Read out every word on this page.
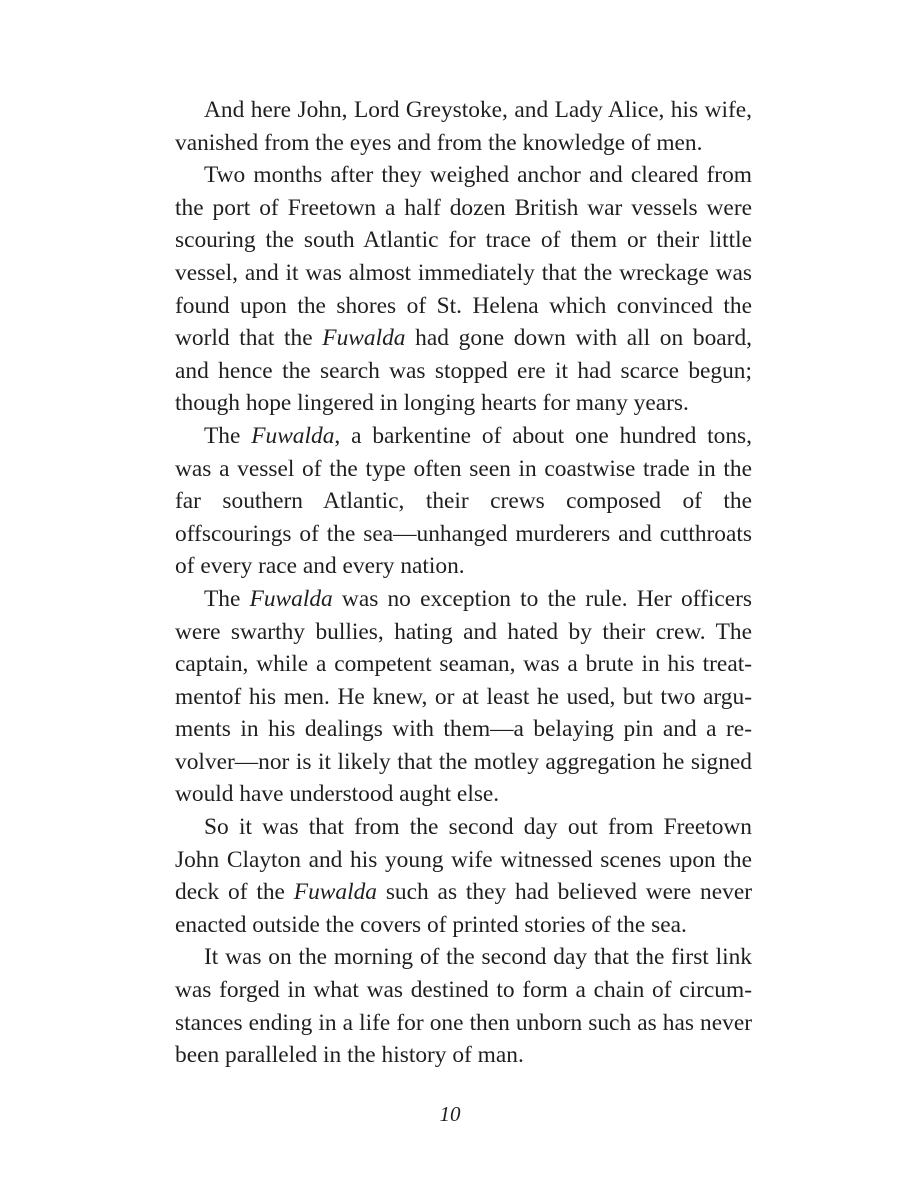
And here John, Lord Greystoke, and Lady Alice, his wife, vanished from the eyes and from the knowledge of men.

Two months after they weighed anchor and cleared from the port of Freetown a half dozen British war vessels were scouring the south Atlantic for trace of them or their little vessel, and it was almost immediately that the wreckage was found upon the shores of St. Helena which convinced the world that the Fuwalda had gone down with all on board, and hence the search was stopped ere it had scarce begun; though hope lingered in longing hearts for many years.

The Fuwalda, a barkentine of about one hundred tons, was a vessel of the type often seen in coastwise trade in the far southern Atlantic, their crews composed of the offscourings of the sea—unhanged murderers and cutthroats of every race and every nation.

The Fuwalda was no exception to the rule. Her officers were swarthy bullies, hating and hated by their crew. The captain, while a competent seaman, was a brute in his treatmentof his men. He knew, or at least he used, but two arguments in his dealings with them—a belaying pin and a revolver—nor is it likely that the motley aggregation he signed would have understood aught else.

So it was that from the second day out from Freetown John Clayton and his young wife witnessed scenes upon the deck of the Fuwalda such as they had believed were never enacted outside the covers of printed stories of the sea.

It was on the morning of the second day that the first link was forged in what was destined to form a chain of circumstances ending in a life for one then unborn such as has never been paralleled in the history of man.

10
